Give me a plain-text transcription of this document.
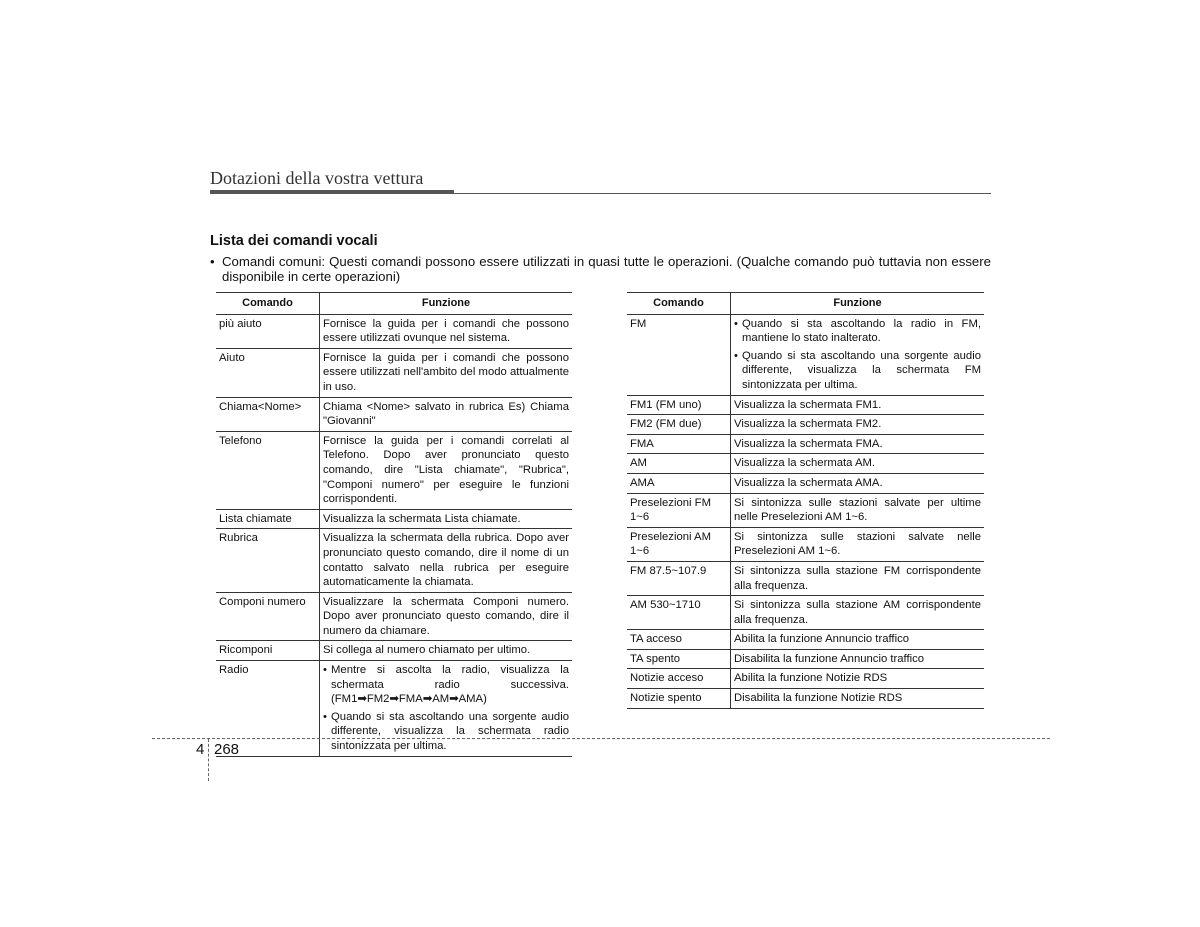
Dotazioni della vostra vettura
Lista dei comandi vocali
• Comandi comuni: Questi comandi possono essere utilizzati in quasi tutte le operazioni. (Qualche comando può tuttavia non essere disponibile in certe operazioni)
Comando	Funzione
più aiuto	Fornisce la guida per i comandi che possono essere utilizzati ovunque nel sistema.
Aiuto	Fornisce la guida per i comandi che possono essere utilizzati nell'ambito del modo attualmente in uso.
Chiama<Nome>	Chiama <Nome> salvato in rubrica Es) Chiama "Giovanni"
Telefono	Fornisce la guida per i comandi correlati al Telefono. Dopo aver pronunciato questo comando, dire "Lista chiamate", "Rubrica", "Componi numero" per eseguire le funzioni corrispondenti.
Lista chiamate	Visualizza la schermata Lista chiamate.
Rubrica	Visualizza la schermata della rubrica. Dopo aver pronunciato questo comando, dire il nome di un contatto salvato nella rubrica per eseguire automaticamente la chiamata.
Componi numero	Visualizzare la schermata Componi numero. Dopo aver pronunciato questo comando, dire il numero da chiamare.
Ricomponi	Si collega al numero chiamato per ultimo.
Radio	• Mentre si ascolta la radio, visualizza la schermata radio successiva. (FM1➡FM2➡FMA➡AM➡AMA)
• Quando si sta ascoltando una sorgente audio differente, visualizza la schermata radio sintonizzata per ultima.
Comando	Funzione
FM	• Quando si sta ascoltando la radio in FM, mantiene lo stato inalterato.
• Quando si sta ascoltando una sorgente audio differente, visualizza la schermata FM sintonizzata per ultima.

FM1 (FM uno)	Visualizza la schermata FM1.
FM2 (FM due)	Visualizza la schermata FM2.
FMA	Visualizza la schermata FMA.
AM	Visualizza la schermata AM.
AMA	Visualizza la schermata AMA.
Preselezioni FM 1~6	Si sintonizza sulle stazioni salvate per ultime nelle Preselezioni AM 1~6.
Preselezioni AM 1~6	Si sintonizza sulle stazioni salvate nelle Preselezioni AM 1~6.
FM 87.5~107.9	Si sintonizza sulla stazione FM corrispondente alla frequenza.
AM 530~1710	Si sintonizza sulla stazione AM corrispondente alla frequenza.
TA acceso	Abilita la funzione Annuncio traffico
TA spento	Disabilita la funzione Annuncio traffico
Notizie acceso	Abilita la funzione Notizie RDS
Notizie spento	Disabilita la funzione Notizie RDS
4 268
